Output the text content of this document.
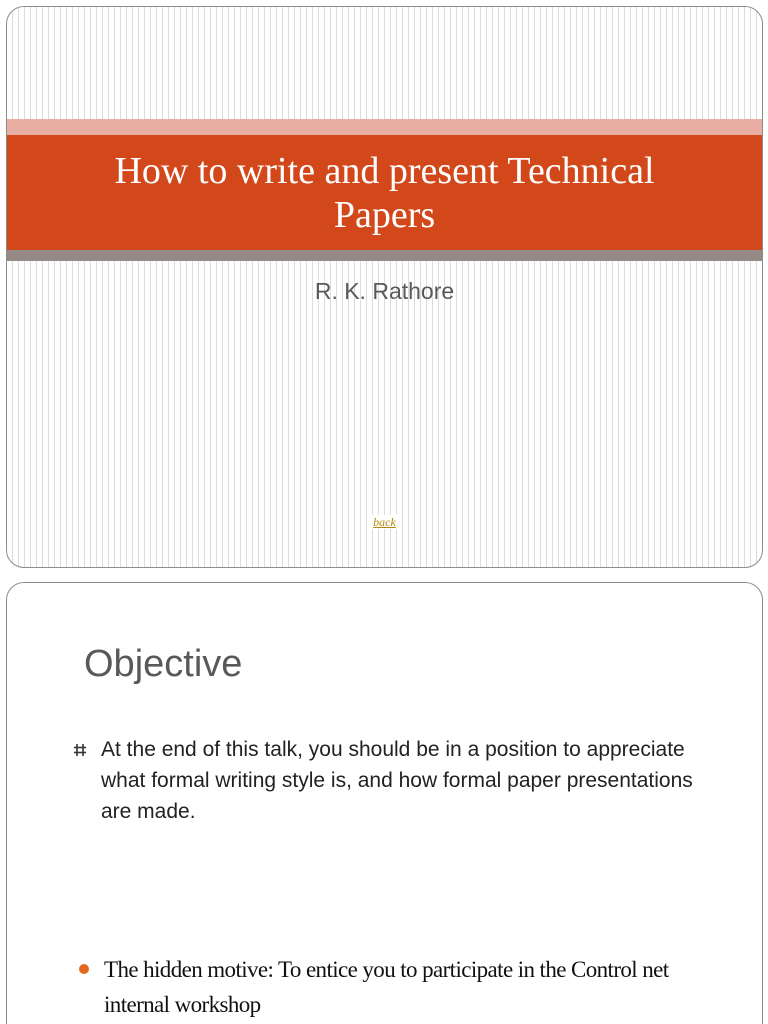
How to write and present Technical Papers
R. K. Rathore
back
Objective
At the end of this talk, you should be in a position to appreciate what formal writing style is, and how formal paper presentations are made.
The hidden motive: To entice you to participate in the Control net internal workshop
